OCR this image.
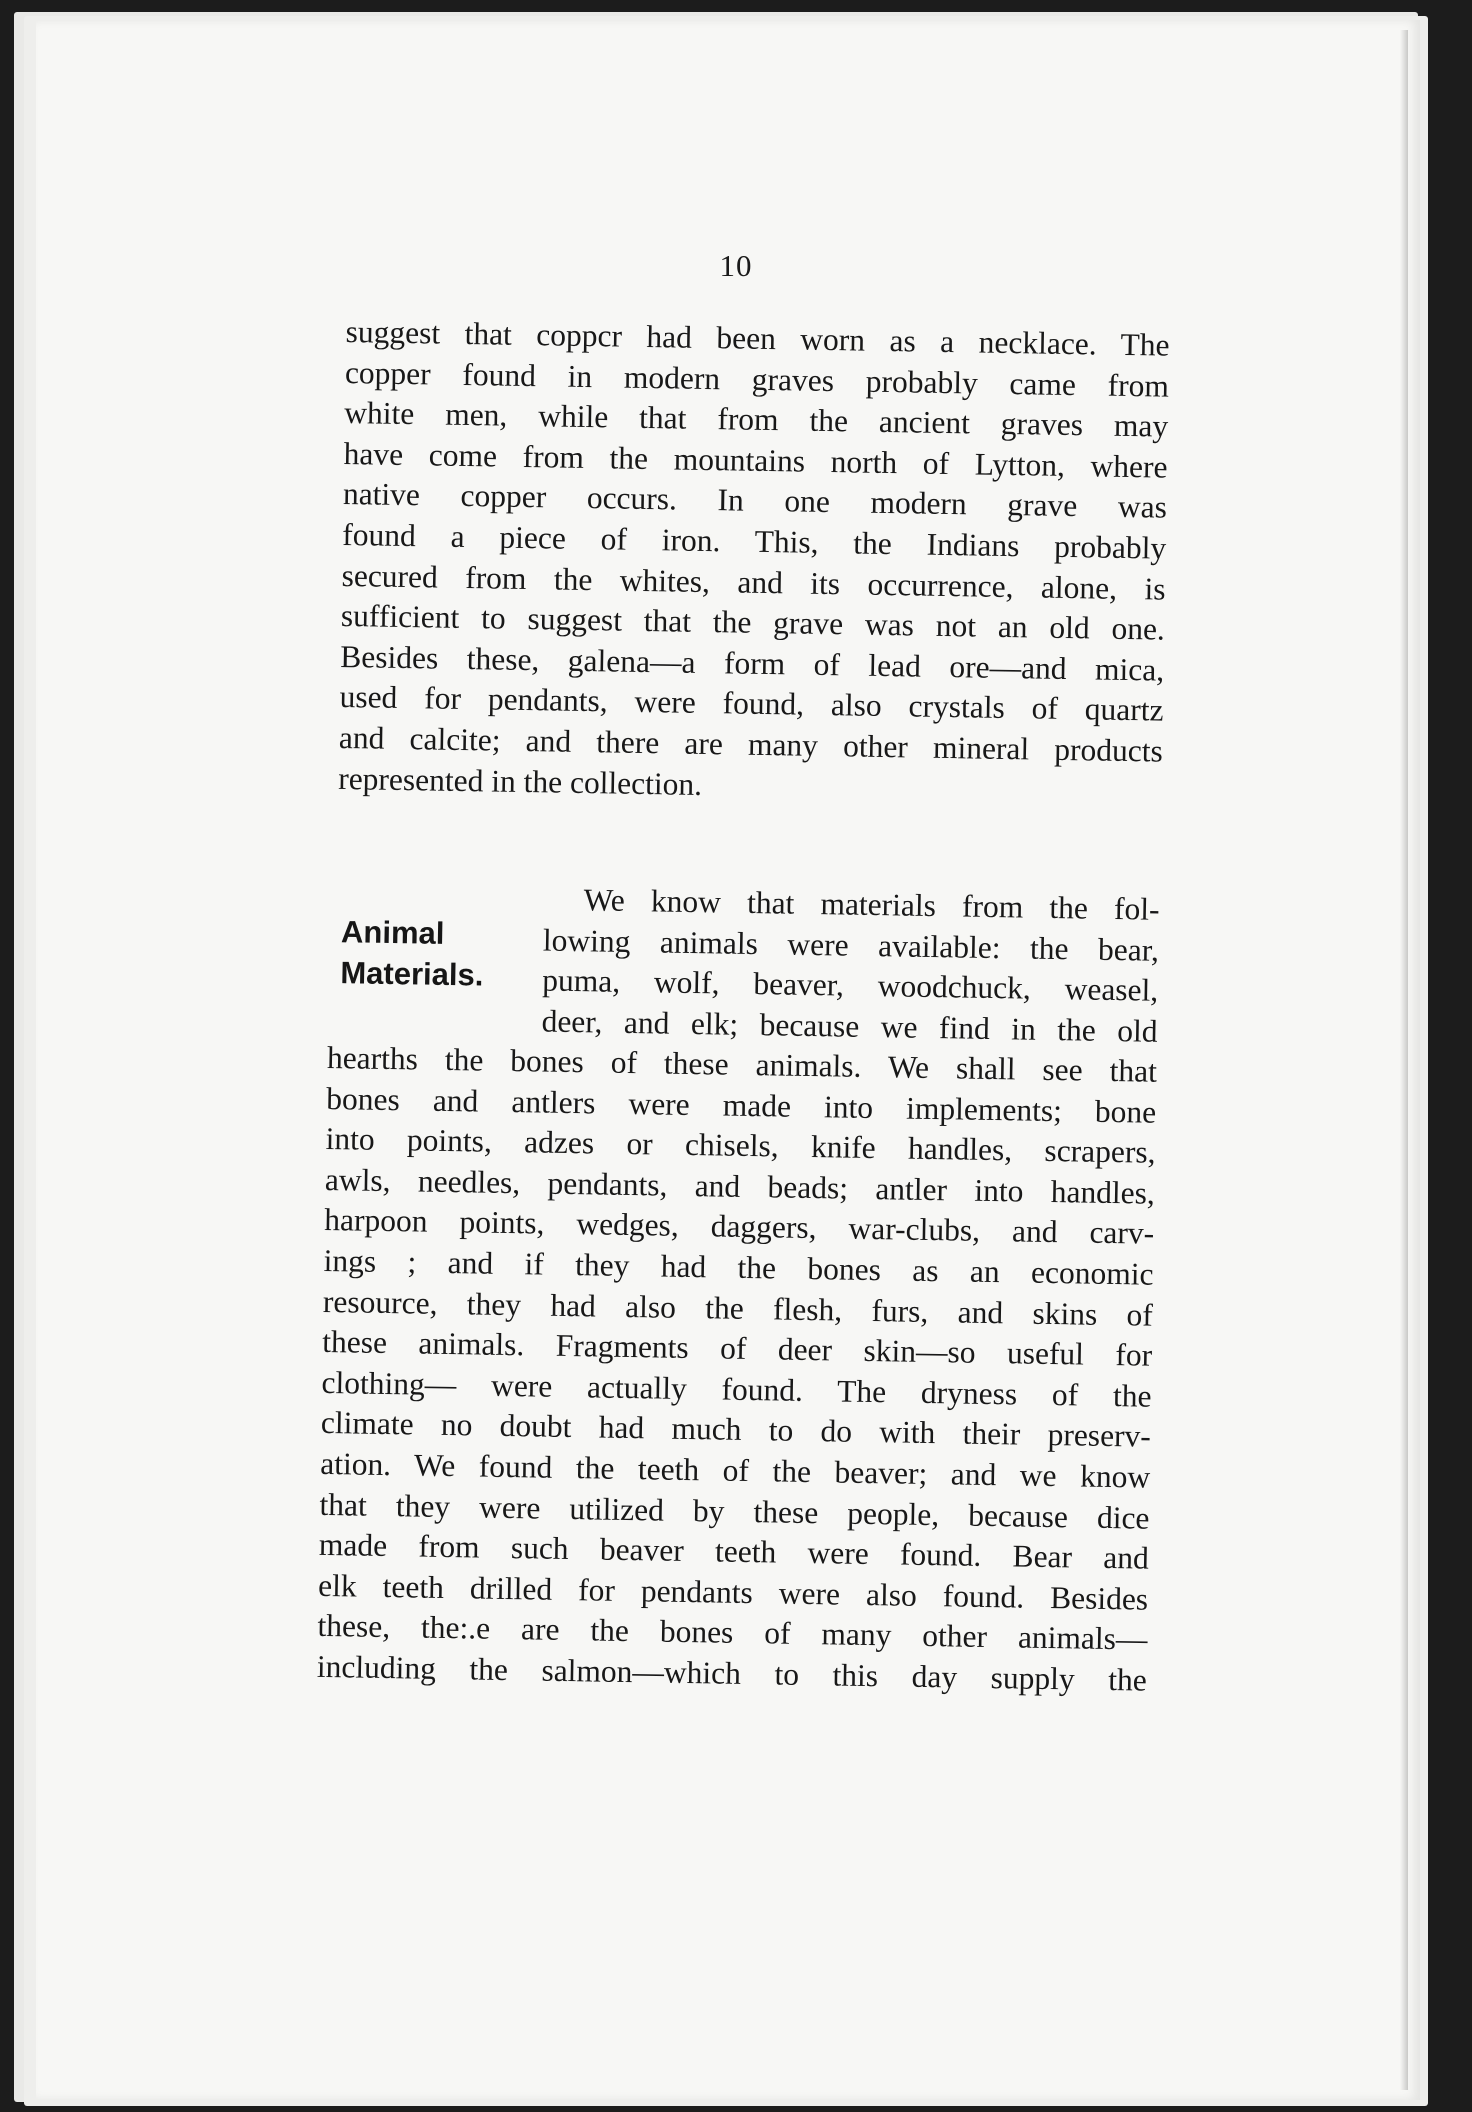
10
suggest that coppcr had been worn as a necklace. The
copper found in modern graves probably came from
white men, while that from the ancient graves may
have come from the mountains north of Lytton, where
native copper occurs. In one modern grave was
found a piece of iron. This, the Indians probably
secured from the whites, and its occurrence, alone, is
sufficient to suggest that the grave was not an old one.
Besides these, galena—a form of lead ore—and mica,
used for pendants, were found, also crystals of quartz
and calcite; and there are many other mineral products
represented in the collection.
Animal
Materials.
We know that materials from the fol-
lowing animals were available: the bear,
puma, wolf, beaver, woodchuck, weasel,
deer, and elk; because we find in the old
hearths the bones of these animals. We shall see that
bones and antlers were made into implements; bone
into points, adzes or chisels, knife handles, scrapers,
awls, needles, pendants, and beads; antler into handles,
harpoon points, wedges, daggers, war-clubs, and carv-
ings ; and if they had the bones as an economic
resource, they had also the flesh, furs, and skins of
these animals. Fragments of deer skin—so useful for
clothing— were actually found. The dryness of the
climate no doubt had much to do with their preserv-
ation. We found the teeth of the beaver; and we know
that they were utilized by these people, because dice
made from such beaver teeth were found. Bear and
elk teeth drilled for pendants were also found. Besides
these, the:.e are the bones of many other animals—
including the salmon—which to this day supply the
